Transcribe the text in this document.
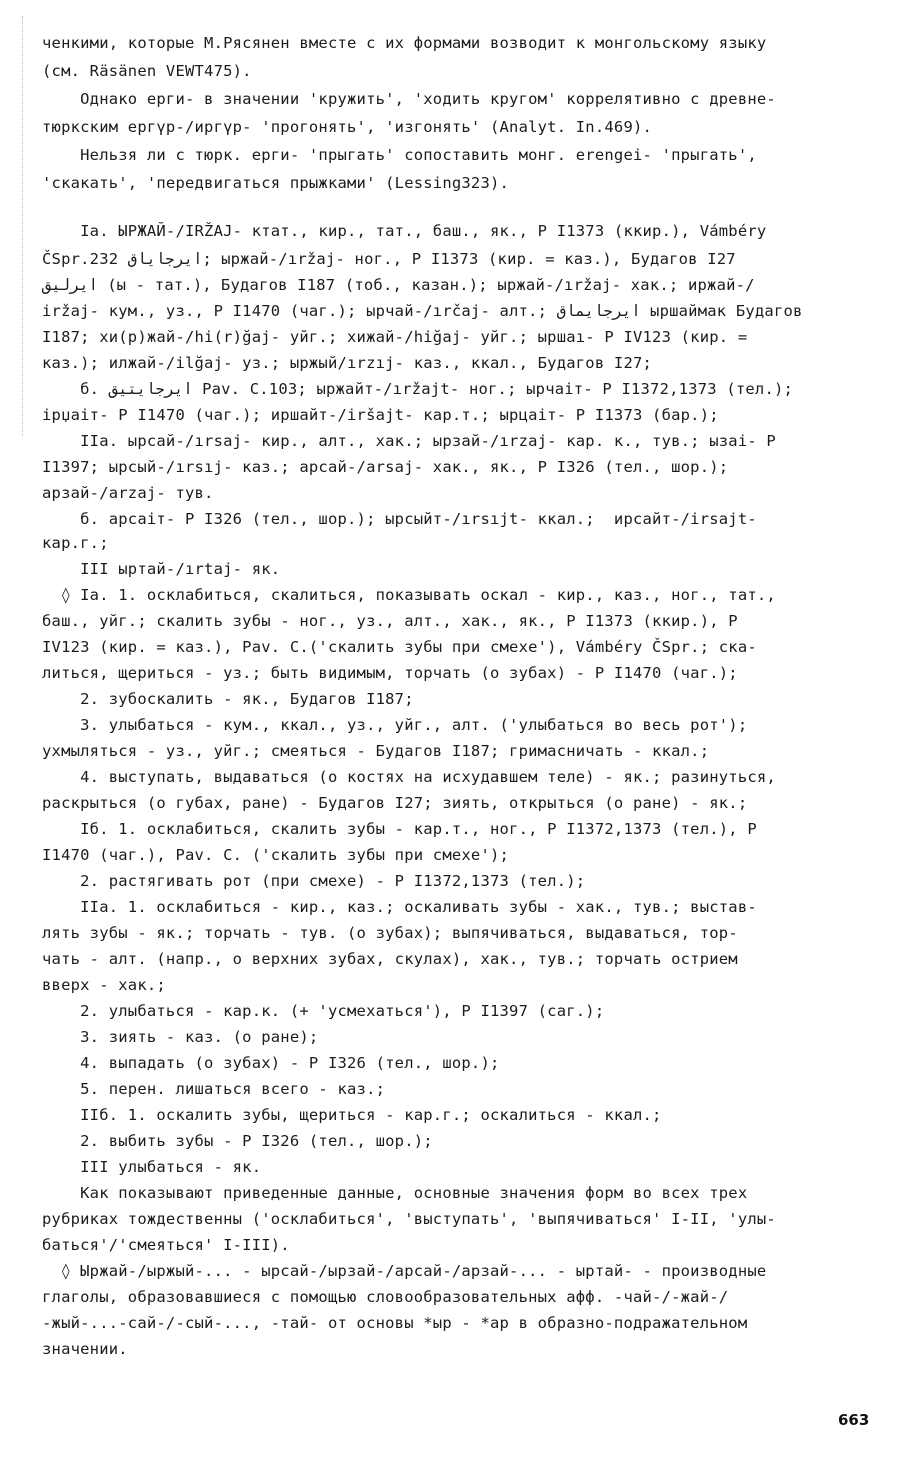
ченкими, которые М.Рясянен вместе с их формами возводит к монгольскому языку
(см. Räsänen VEWT475).
Однако ерги- в значении 'кружить', 'ходить кругом' коррелятивно с древне-
тюркским ергүр-/иргүр- 'прогонять', 'изгонять' (Analyt. In.469).
Нельзя ли с тюрк. ерги- 'прыгать' сопоставить монг. erengei- 'прыгать',
'скакать', 'передвигаться прыжками' (Lessing323).
Iа. ЫРЖАЙ-/IRŽAJ- ктат., кир., тат., баш., як., Р I1373 (ккир.), Vámbéry
ČSpr.232 ایرجایاق; ыржай-/ıržaj- ног., Р I1373 (кир. = каз.), Будагов I27
ایرلیق (ы - тат.), Будагов I187 (тоб., казан.); ыржай-/ıržaj- хак.; иржай-/
iržaj- кум., уз., Р I1470 (чаг.); ырчай-/ırčaj- алт.; ایرجایماق ыршаймак Будагов
I187; хи(р)жай-/hi(r)ğaj- уйг.; хижай-/hiğaj- уйг.; ыршаı- Р IV123 (кир. =
каз.); илжай-/ilğaj- уз.; ыржый/ırzıj- каз., ккал., Будагов I27;
б. ایرجایتیق Pav. C.103; ыржайт-/ıržajt- ног.; ырчаіт- Р I1372,1373 (тел.);
ірџаіт- Р I1470 (чаг.); иршайт-/iršajt- кар.т.; ырцаіт- Р I1373 (бар.);
IIа. ырсай-/ırsaj- кир., алт., хак.; ырзай-/ırzaj- кар. к., тув.; ызаі- Р
I1397; ырсый-/ırsıj- каз.; арсай-/arsaj- хак., як., Р I326 (тел., шор.);
арзай-/arzaj- тув.
б. арсаіт- Р I326 (тел., шор.); ырсыйт-/ırsıjt- ккал.;  ирсайт-/irsajt-
кар.г.;
III ыртай-/ırtaj- як.
◊ Iа. 1. осклабиться, скалиться, показывать оскал - кир., каз., ног., тат.,
баш., уйг.; скалить зубы - ног., уз., алт., хак., як., Р I1373 (ккир.), Р
IV123 (кир. = каз.), Pav. C.('скалить зубы при смехе'), Vámbéry ČSpr.; ска-
литься, щериться - уз.; быть видимым, торчать (о зубах) - Р I1470 (чаг.);
2. зубоскалить - як., Будагов I187;
3. улыбаться - кум., ккал., уз., уйг., алт. ('улыбаться во весь рот');
ухмыляться - уз., уйг.; смеяться - Будагов I187; гримасничать - ккал.;
4. выступать, выдаваться (о костях на исхудавшем теле) - як.; разинуться,
раскрыться (о губах, ране) - Будагов I27; зиять, открыться (о ране) - як.;
Iб. 1. осклабиться, скалить зубы - кар.т., ног., Р I1372,1373 (тел.), Р
I1470 (чаг.), Pav. C. ('скалить зубы при смехе');
2. растягивать рот (при смехе) - Р I1372,1373 (тел.);
IIа. 1. осклабиться - кир., каз.; оскаливать зубы - хак., тув.; выстав-
лять зубы - як.; торчать - тув. (о зубах); выпячиваться, выдаваться, тор-
чать - алт. (напр., о верхних зубах, скулах), хак., тув.; торчать острием
вверх - хак.;
2. улыбаться - кар.к. (+ 'усмехаться'), Р I1397 (саг.);
3. зиять - каз. (о ране);
4. выпадать (о зубах) - Р I326 (тел., шор.);
5. перен. лишаться всего - каз.;
IIб. 1. оскалить зубы, щериться - кар.г.; оскалиться - ккал.;
2. выбить зубы - Р I326 (тел., шор.);
III улыбаться - як.
Как показывают приведенные данные, основные значения форм во всех трех
рубриках тождественны ('осклабиться', 'выступать', 'выпячиваться' I-II, 'улы-
баться'/'смеяться' I-III).
◊ Ыржай-/ыржый-... - ырсай-/ырзай-/арсай-/арзай-... - ыртай- - производные
глаголы, образовавшиеся с помощью словообразовательных афф. -чай-/-жай-/
-жый-...-сай-/-сый-..., -тай- от основы *ыр - *ар в образно-подражательном
значении.
663
